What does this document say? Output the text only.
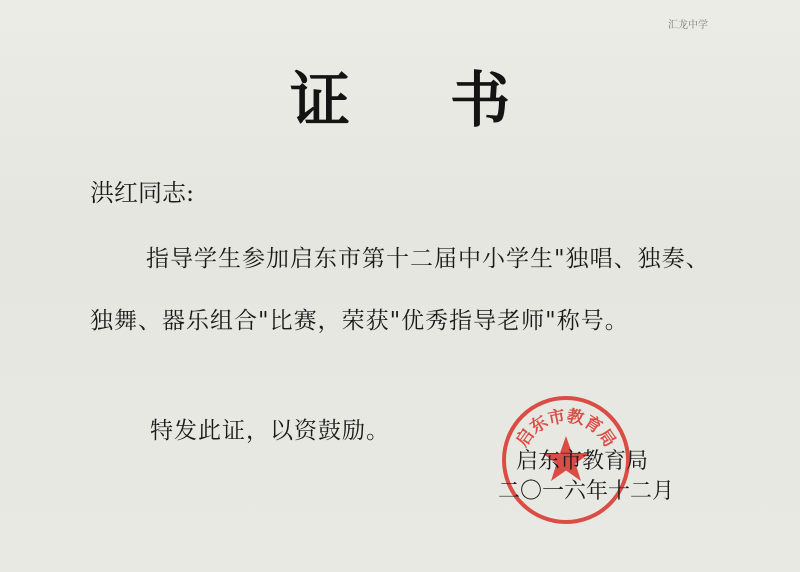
汇龙中学
证书
洪红同志:
指导学生参加启东市第十二届中小学生"独唱、独奏、独舞、器乐组合"比赛，荣获"优秀指导老师"称号。
特发此证，以资鼓励。	启东市教育局
启东市教育局
二〇一六年十二月
